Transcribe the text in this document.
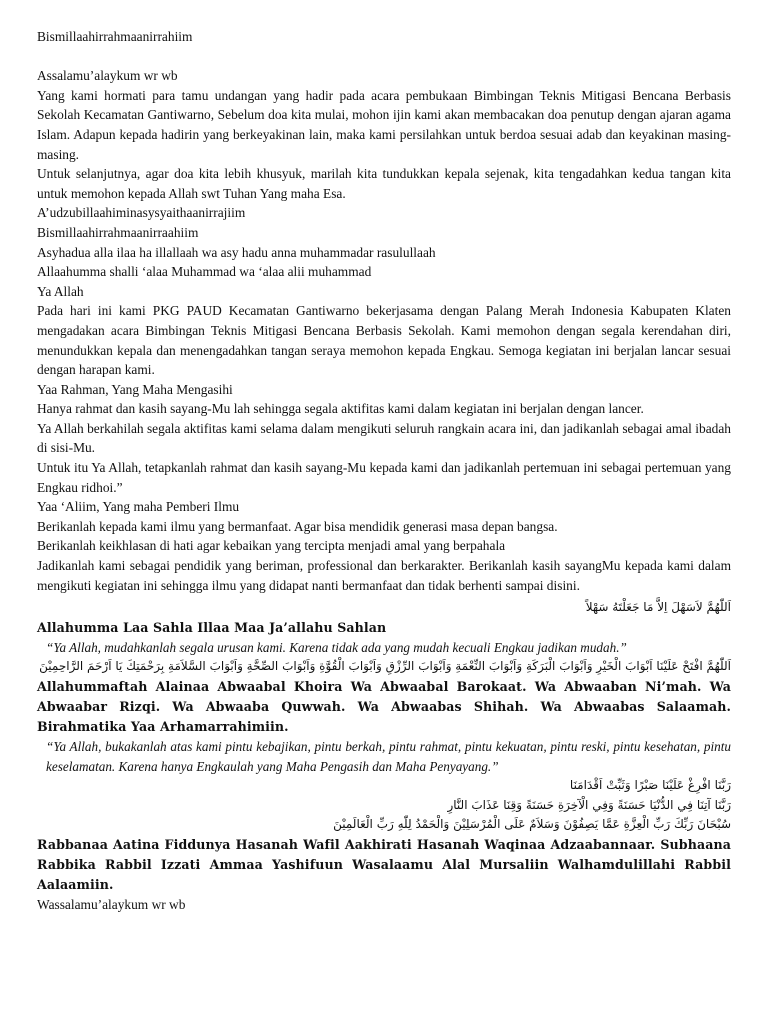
Bismillaahirrahmaanirrahiim

Assalamu’alaykum wr wb

Yang kami hormati para tamu undangan yang hadir pada acara pembukaan Bimbingan Teknis Mitigasi Bencana Berbasis Sekolah Kecamatan Gantiwarno, Sebelum doa kita mulai, mohon ijin kami akan membacakan doa penutup dengan ajaran agama Islam. Adapun kepada hadirin yang berkeyakinan lain, maka kami persilahkan untuk berdoa sesuai adab dan keyakinan masing-masing.

Untuk selanjutnya, agar doa kita lebih khusyuk, marilah kita tundukkan kepala sejenak, kita tengadahkan kedua tangan kita untuk memohon kepada Allah swt Tuhan Yang maha Esa.

A’udzubillaahiminasysyaithaanirrajiim

Bismillaahirrahmaanirraahiim

Asyhadua alla ilaa ha illallaah wa asy hadu anna muhammadar rasulullaah

Allaahumma shalli ‘alaa Muhammad wa ‘alaa alii muhammad

Ya Allah

Pada hari ini kami PKG PAUD Kecamatan Gantiwarno bekerjasama dengan Palang Merah Indonesia Kabupaten Klaten mengadakan acara Bimbingan Teknis Mitigasi Bencana Berbasis Sekolah. Kami memohon dengan segala kerendahan diri, menundukkan kepala dan menengadahkan tangan seraya memohon kepada Engkau. Semoga kegiatan ini berjalan lancar sesuai dengan harapan kami.

Yaa Rahman, Yang Maha Mengasihi

Hanya rahmat dan kasih sayang-Mu lah sehingga segala aktifitas kami dalam kegiatan ini berjalan dengan lancer.

Ya Allah berkahilah segala aktifitas kami selama dalam mengikuti seluruh rangkain acara ini, dan jadikanlah sebagai amal ibadah di sisi-Mu.

Untuk itu Ya Allah, tetapkanlah rahmat dan kasih sayang-Mu kepada kami dan jadikanlah pertemuan ini sebagai pertemuan yang Engkau ridhoi.”

Yaa ‘Aliim, Yang maha Pemberi Ilmu

Berikanlah kepada kami ilmu yang bermanfaat. Agar bisa mendidik generasi masa depan bangsa.

Berikanlah keikhlasan di hati agar kebaikan yang tercipta menjadi amal yang berpahala

Jadikanlah kami sebagai pendidik yang beriman, professional dan berkarakter. Berikanlah kasih sayangMu kepada kami dalam mengikuti kegiatan ini sehingga ilmu yang didapat nanti bermanfaat dan tidak berhenti sampai disini.

اَللّٰهُمَّ لاَسَهْلَ اِلاَّ مَا جَعَلْتَهُ سَهْلاً

Allahumma Laa Sahla Illaa Maa Ja’allahu Sahlan

“Ya Allah, mudahkanlah segala urusan kami. Karena tidak ada yang mudah kecuali Engkau jadikan mudah.”

اَللّٰهُمَّ افْتَحْ عَلَيْنَا اَبْوَابَ الْخَيْرِ وَاَبْوَابَ الْبَرَكَةِ وَاَبْوَابَ النِّعْمَةِ وَاَبْوَابَ الرِّزْقِ وَاَبْوَابَ الْقُوَّةِ وَاَبْوَابَ الصِّحَّةِ وَاَبْوَابَ السَّلاَمَةِ بِرَحْمَتِكَ يَا اَرْحَمَ الرَّاحِمِيْنَ

Allahummaftah Alainaa Abwaabal Khoira Wa Abwaabal Barokaat. Wa Abwaaban Ni’mah. Wa Abwaabar Rizqi. Wa Abwaaba Quwwah. Wa Abwaabas Shihah. Wa Abwaabas Salaamah. Birahmatika Yaa Arhamarrahimiin.

“Ya Allah, bukakanlah atas kami pintu kebajikan, pintu berkah, pintu rahmat, pintu kekuatan, pintu reski, pintu kesehatan, pintu keselamatan. Karena hanya Engkaulah yang Maha Pengasih dan Maha Penyayang.”

رَبَّنَا افْرِغْ عَلَيْنَا صَبْرًا وَثَبِّتْ اَقْدَامَنَا

رَبَّنَا آتِنَا فِي الدُّنْيَا حَسَنَةً وَفِي الْآخِرَةِ حَسَنَةً وَقِنَا عَذَابَ النَّارِ

سُبْحَانَ رَبِّكَ رَبِّ الْعِزَّةِ عَمَّا يَصِفُوْنَ وَسَلاَمٌ عَلَى الْمُرْسَلِيْنَ وَالْحَمْدُ لِلّٰهِ رَبِّ الْعَالَمِيْنَ

Rabbanaa Aatina Fiddunya Hasanah Wafil Aakhirati Hasanah Waqinaa Adzaabannaar. Subhaana Rabbika Rabbil Izzati Ammaa Yashifuun Wasalaamu Alal Mursaliin Walhamdulillahi Rabbil Aalaamiin.

Wassalamu’alaykum wr wb
